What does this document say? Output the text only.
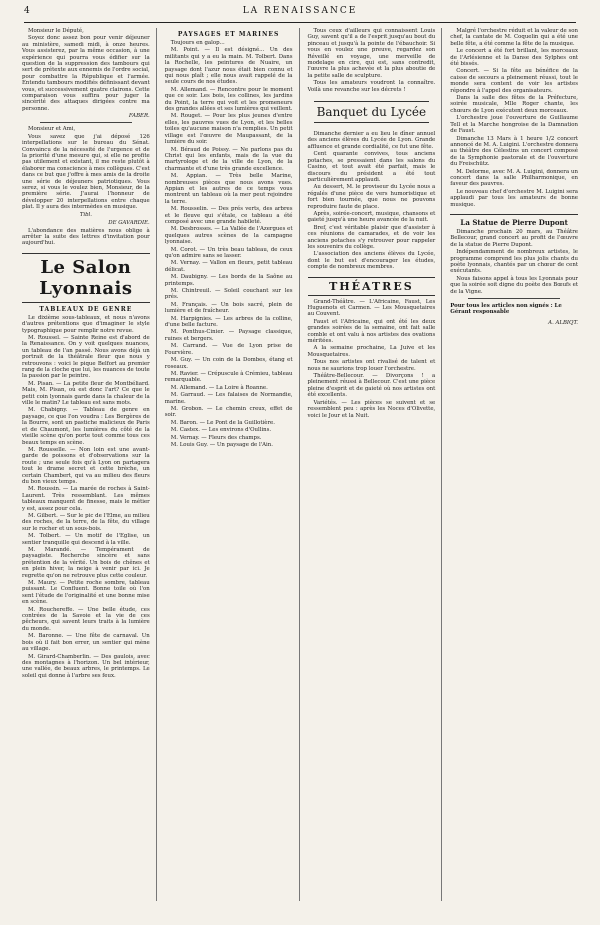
4	LA RENAISSANCE

Monsieur le Député,

Soyez donc assez bon pour venir déjeuner au ministère, samedi midi, à onze heures. Vous assisterez, par la même occasion, à une expérience qui pourra vous édifier sur la question de la suppression des tambours qui sert de prétexte aux ennemis de l'ordre social, pour combattre la République et l'armée. Entendu tambours modifiés définissant devant vous, et successivement quatre clairons. Cette comparaison vous suffira pour juger la sincérité des attaques dirigées contre ma personne.

FABER.

Monsieur et Ami,

Vous savez que j'ai déposé 126 interpellations sur le bureau du Sénat. Convaincu de la nécessité de l'urgence et de la priorité d'une mesure qui, si elle ne profite pas utilement et existant, il me reste plutôt à élaborer ma conscience à mes collègues. C'est dans ce but que j'offre à mes amis de la droite une série de déjeuners patriotiques. Vous serez, si vous le voulez bien, Monsieur, de la première série. J'aurai l'honneur de développer 20 interpellations entre chaque plat. Il y aura des intermèdes en musique.

Tibl.

DE GAVARDIE.

L'abondance des matières nous oblige à arrêter la suite des lettres d'invitation pour aujourd'hui.

Le Salon Lyonnais
TABLEAUX DE GENRE

Le dixième sous-tableaux, et nous n'avons d'autres prétentions que d'imaginer le style typographique pour remplir notre revue.

M. Roussel. — Sainte Reine est d'abord de la Renaissance. On y voit quelques nuances, un tableau de l'an passé. Nous avons déjà un portrait de la théâtrale fleur que nous y retrouvons : voici le pique Belfort au premier rang de la cloche que lui, les nuances de toute la passion par le peintre.

M. Pisan. — La petite fleur de Montbéliard. Mais, M. Pisan, où est donc l'art? Ce que le petit coin lyonnais garde dans la chaleur de la ville le matin? Le tableau est sans mots.

M. Chabigny. — Tableau de genre en paysage, ce que l'on voudra : Les Bergères de la Bourre, sont un pastiche malicieux de Paris et de Chaumont, les lumières du côté de la vieille scène qu'on porte tout comme tous ces beaux temps en scène.

M. Rousselle. — Non loin est une avant-garde de poissons et d'observations sur la route ; une seule fois qu'à Lyon on partagera tout le drame secret et cette brèche, un certain Chambert, qui va au milieu des fleurs du bon vieux temps.

M. Roussin. — La marée de roches à Saint-Laurent. Très ressemblant. Les mêmes tableaux manquent de finesse, mais le métier y est, assez pour cela.

M. Gilbert. — Sur le pic de l'Elme, au milieu des roches, de la terre, de la fête, du village sur le rocher et un sous-bois.

M. Tolbert. — Un motif de l'Eglise, un sentier tranquille qui descend à la ville.

M. Marandé. — Tempérament de paysagiste. Recherche sincère et sans prétention de la vérité. Un bois de chênes et en plein hiver, la neige à venir par ici. Je regrette qu'on ne retrouve plus cette couleur.

M. Maury. — Petite roche sombre, tableau puissant. Le Confluent. Bonne toile où l'on sent l'étude de l'originalité et une bonne mise en scène.

M. Rouchereffe. — Une belle étude, ces contrées de la Savoie et la vie de ces pêcheurs, qui savent leurs traits à la lumière du monde.

M. Baronne. — Une fête de carnaval. Un bois où il fait bon errer, un sentier qui mène au village.

M. Girard-Chamberlin. — Des gaulois, avec des montagnes à l'horizon. Un bel intérieur, une vallée, de beaux arbres, le printemps. Le soleil qui donne à l'arbre ses feux.

PAYSAGES ET MARINES

Toujours en galop...

M. Point. — Il est désigné... Un des militants qui y a eu la main. M. Tolbert. Dans la Rochelle, les peintures de Nuaire, un paysage dont l'azur nous était bien connu et qui nous plaît ; elle nous avait rappelé de la seule cours de nos études.

M. Allemand. — Rencontre pour le moment que ce soir. Les bois, les collines, les jardins du Point, la terre qui voit et les promeneurs des grandes allées et ses lumières qui veillent.

M. Rouget. — Pour les plus jeunes d'entre elles, les pauvres vues de Lyon, et les belles toiles qu'aucune maison n'a remplies. Un petit village est l'œuvre de Maupassant, de la lumière du soir.

M. Béraud de Poissy. — Ne parlons pas du Christ qui les enfants, mais de la vue du martyrologe et de la ville de Lyon, de la charmante et d'une très grande excellence.

M. Appian. — Très belle Marine, nombreuses pièces que nous avons vues. Appian et les autres de ce temps vous montrent un tableau où la mer peut rejoindre la terre.

M. Rousselin. — Des prés verts, des arbres et le fleuve qui s'étale, ce tableau a été composé avec une grande habileté.

M. Desbrosses. — La Vallée de l'Azergues et quelques autres scènes de la campagne lyonnaise.

M. Corot. — Un très beau tableau, de ceux qu'on admire sans se lasser.

M. Vernay. — Vallon en fleurs, petit tableau délicat.

M. Daubigny. — Les bords de la Saône au printemps.

M. Chintreuil. — Soleil couchant sur les prés.

M. Français. — Un bois sacré, plein de lumière et de fraîcheur.

M. Harpignies. — Les arbres de la colline, d'une belle facture.

M. Ponthus-Cinier. — Paysage classique, ruines et bergers.

M. Carrand. — Vue de Lyon prise de Fourvière.

M. Guy. — Un coin de la Dombes, étang et roseaux.

M. Ravier. — Crépuscule à Crémieu, tableau remarquable.

M. Allemand. — La Loire à Roanne.

M. Garraud. — Les falaises de Normandie, marine.

M. Grobon. — Le chemin creux, effet de soir.

M. Baron. — Le Pont de la Guillotière.

M. Castex. — Les environs d'Oullins.

M. Vernay. — Fleurs des champs.

M. Louis Guy. — Un paysage de l'Ain.

Tous ceux d'ailleurs qui connaissent Louis Guy, savent qu'il a de l'esprit jusqu'au bout du pinceau et jusqu'à la pointe de l'ébauchoir. Si vous en voulez une preuve, regardez son Réveillé en voyage, une merveille de modelage en cire, qui est, sans contredit, l'œuvre la plus achevée et la plus aboutie de la petite salle de sculpture.

Tous les amateurs voudront la connaître. Voilà une revanche sur les décrets !

Banquet du Lycée

Dimanche dernier a eu lieu le dîner annuel des anciens élèves du Lycée de Lyon. Grande affluence et grande cordialité, ce fut une fête.

Cent quarante convives, tous anciens potaches, se pressaient dans les salons du Casino, et tout avait été parfait, mais le discours du président a été tout particulièrement applaudi.

Au dessert, M. le proviseur du Lycée nous a régalés d'une pièce de vers humoristique et fort bien tournée, que nous ne pouvons reproduire faute de place.

Après, soirée-concert, musique, chansons et gaieté jusqu'à une heure avancée de la nuit.

Bref, c'est véritable plaisir que d'assister à ces réunions de camarades, et de voir les anciens potaches s'y retrouver pour rappeler les souvenirs du collège.

L'association des anciens élèves du Lycée, dont le but est d'encourager les études, compte de nombreux membres.

THÉATRES

Grand-Théâtre. — L'Africaine, Faust, Les Huguenots et Carmen. — Les Mousquetaires au Couvent.

Faust et l'Africaine, qui ont été les deux grandes soirées de la semaine, ont fait salle comble et ont valu à nos artistes des ovations méritées.

A la semaine prochaine, La Juive et les Mousquetaires.

Tous nos artistes ont rivalisé de talent et nous ne saurions trop louer l'orchestre.

Théâtre-Bellecour. — Divorçons ! a pleinement réussi à Bellecour. C'est une pièce pleine d'esprit et de gaieté où nos artistes ont été excellents.

Variétés. — Les pièces se suivent et se ressemblent peu : après les Noces d'Olivette, voici le Jour et la Nuit.

Malgré l'orchestre réduit et la valeur de son chef, la cantate de M. Coquelin qui a été une belle fête, a été comme la fête de la musique.

Le concert a été fort brillant, les morceaux de l'Arlésienne et la Danse des Sylphes ont été bissés.

Concert. — Si la fête au bénéfice de la caisse de secours a pleinement réussi, tout le monde sera content de voir les artistes répondre à l'appel des organisateurs.

Dans la salle des fêtes de la Préfecture, soirée musicale, Mlle Roger chante, les chœurs de Lyon exécutent deux morceaux.

L'orchestre joue l'ouverture de Guillaume Tell et la Marche hongroise de la Damnation de Faust.

Dimanche 13 Mars à 1 heure 1/2 concert annoncé de M. A. Luigini. L'orchestre donnera au théâtre des Célestins un concert composé de la Symphonie pastorale et de l'ouverture du Freischütz.

M. Delorme, avec M. A. Luigini, donnera un concert dans la salle Philharmonique, en faveur des pauvres.

Le nouveau chef d'orchestre M. Luigini sera applaudi par tous les amateurs de bonne musique.

La Statue de Pierre Dupont

Dimanche prochain 20 mars, au Théâtre Bellecour, grand concert au profit de l'œuvre de la statue de Pierre Dupont.

Indépendamment de nombreux artistes, le programme comprend les plus jolis chants du poète lyonnais, chantés par un chœur de cent exécutants.

Nous faisons appel à tous les Lyonnais pour que la soirée soit digne du poète des Bœufs et de la Vigne.

Pour tous les articles non signés : Le Gérant responsable

A. ALBIQT.
